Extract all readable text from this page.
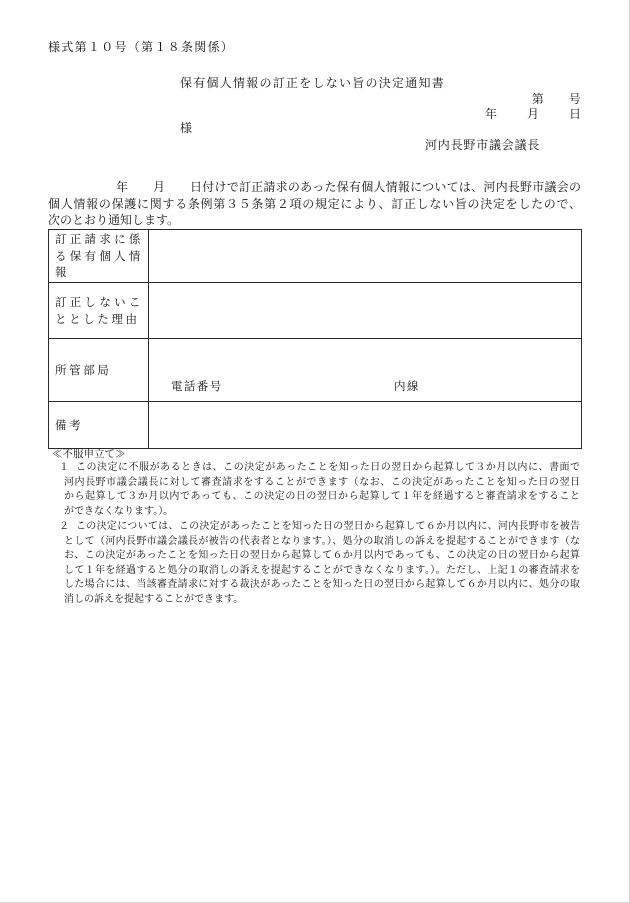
様式第１０号（第１８条関係）
保有個人情報の訂正をしない旨の決定通知書
第　　号
年　　月　　日
様
河内長野市議会議長
年 月 日付けで訂正請求のあった保有個人情報については、河内長野市議会の
個人情報の保護に関する条例第３５条第２項の規定により、訂正しない旨の決定をしたので、
次のとおり通知します。
訂正請求に係る保有個人情報
訂正しないこととした理由
所管部局
電話番号	内線
備考
≪不服申立て≫
１ この決定に不服があるときは、この決定があったことを知った日の翌日から起算して３か月以内に、書面で
河内長野市議会議長に対して審査請求をすることができます（なお、この決定があったことを知った日の翌日
から起算して３か月以内であっても、この決定の日の翌日から起算して１年を経過すると審査請求をすること
ができなくなります。）。
２ この決定については、この決定があったことを知った日の翌日から起算して６か月以内に、河内長野市を被告
として（河内長野市議会議長が被告の代表者となります。）、処分の取消しの訴えを提起することができます（な
お、この決定があったことを知った日の翌日から起算して６か月以内であっても、この決定の日の翌日から起算
して１年を経過すると処分の取消しの訴えを提起することができなくなります。）。ただし、上記１の審査請求を
した場合には、当該審査請求に対する裁決があったことを知った日の翌日から起算して６か月以内に、処分の取
消しの訴えを提起することができます。
